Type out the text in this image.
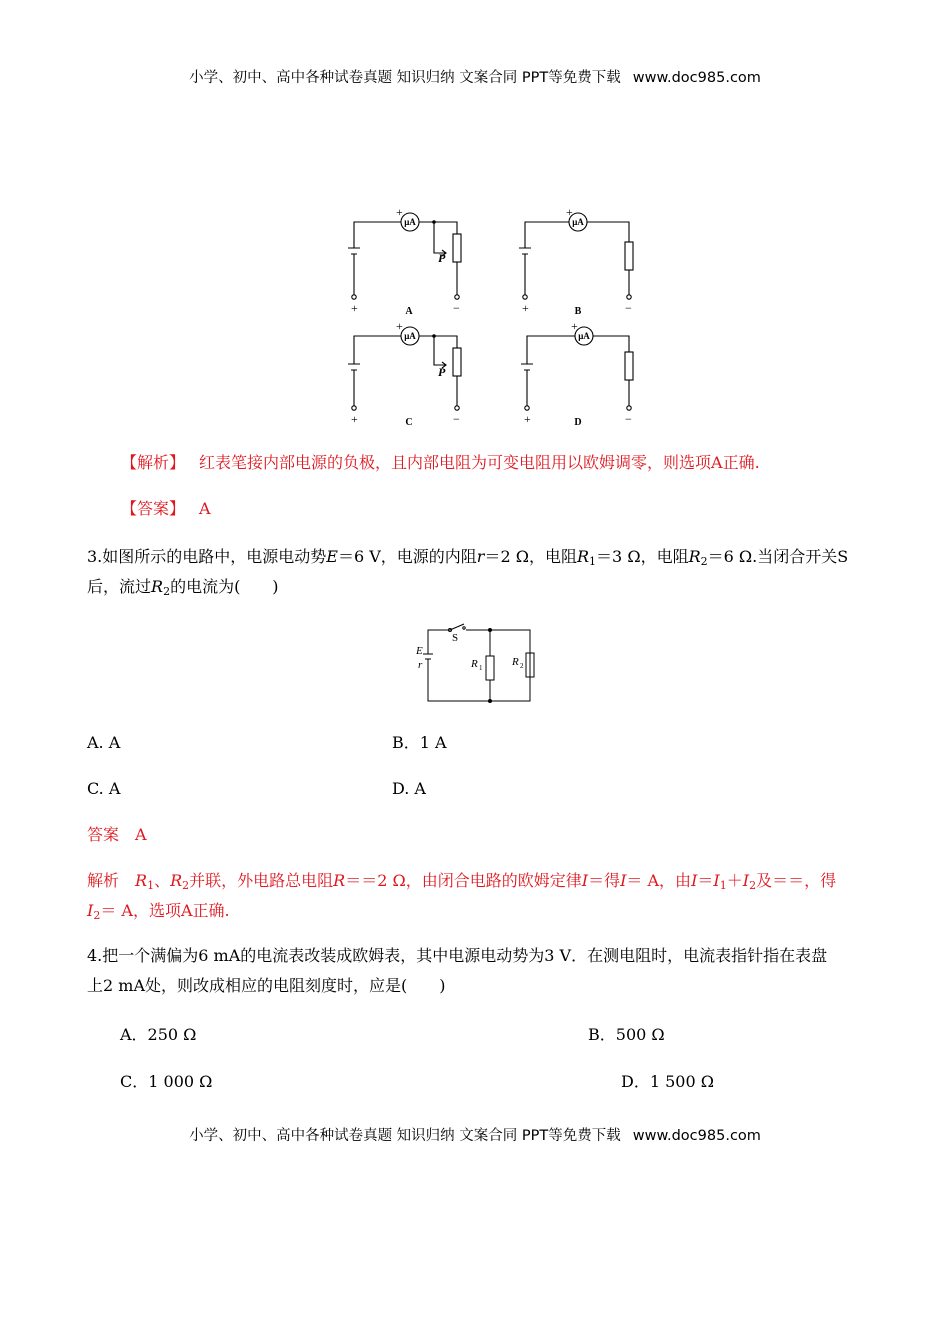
小学、初中、高中各种试卷真题 知识归纳 文案合同 PPT等免费下载 www.doc985.com
μA	μA
μA	μA
+	+
+	+
+	−	+	−
+	−	+	−
P
P
A	B
C	D
【解析】 红表笔接内部电源的负极，且内部电阻为可变电阻用以欧姆调零，则选项A正确.
【答案】 A
3.如图所示的电路中，电源电动势E＝6 V，电源的内阻r＝2 Ω，电阻$R_1=3$ Ω，电阻$R_2=6$ Ω.当闭合开关S
后，流过$R_2$的电流为(　　)
E
r	R	R
1	2
S
A. A	B．1 A
C. A	D. A
答案　A
解析　$R_1$、$R_2$并联，外电路总电阻R＝＝2 Ω，由闭合电路的欧姆定律I＝得I＝ A，由$I=I_1+I_2$及＝＝，得
$I_2= A$，选项A正确.
4.把一个满偏为6 mA的电流表改装成欧姆表，其中电源电动势为3 V．在测电阻时，电流表指针指在表盘
上2 mA处，则改成相应的电阻刻度时，应是(　　)
A．250 Ω	B．500 Ω
C．1 000 Ω	D．1 500 Ω
小学、初中、高中各种试卷真题 知识归纳 文案合同 PPT等免费下载 www.doc985.com
